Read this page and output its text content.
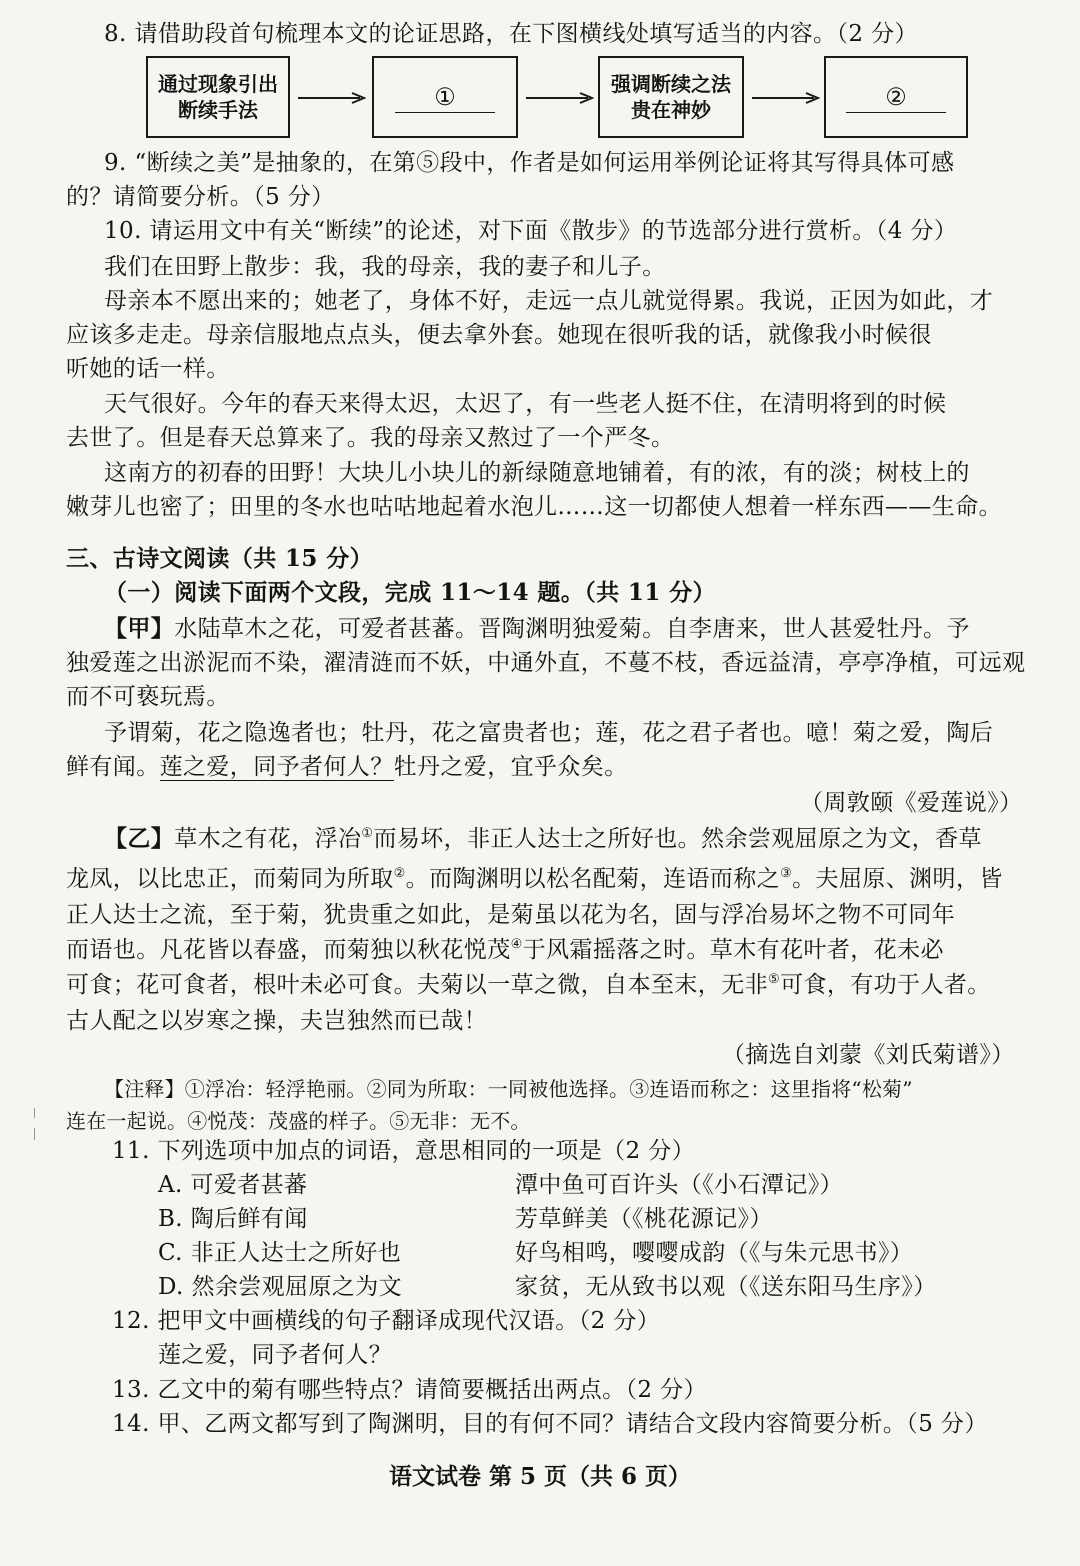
8. 请借助段首句梳理本文的论证思路，在下图横线处填写适当的内容。（2 分）
通过现象引出
断续手法	①	强调断续之法
贵在神妙	②
9. “断续之美”是抽象的，在第⑤段中，作者是如何运用举例论证将其写得具体可感
的？请简要分析。（5 分）
10. 请运用文中有关“断续”的论述，对下面《散步》的节选部分进行赏析。（4 分）
我们在田野上散步：我，我的母亲，我的妻子和儿子。
母亲本不愿出来的；她老了，身体不好，走远一点儿就觉得累。我说，正因为如此，才
应该多走走。母亲信服地点点头，便去拿外套。她现在很听我的话，就像我小时候很
听她的话一样。
天气很好。今年的春天来得太迟，太迟了，有一些老人挺不住，在清明将到的时候
去世了。但是春天总算来了。我的母亲又熬过了一个严冬。
这南方的初春的田野！大块儿小块儿的新绿随意地铺着，有的浓，有的淡；树枝上的
嫩芽儿也密了；田里的冬水也咕咕地起着水泡儿……这一切都使人想着一样东西——生命。
三、古诗文阅读（共 15 分）
（一）阅读下面两个文段，完成 11～14 题。（共 11 分）
【甲】水陆草木之花，可爱者甚蕃。晋陶渊明独爱菊。自李唐来，世人甚爱牡丹。予
独爱莲之出淤泥而不染，濯清涟而不妖，中通外直，不蔓不枝，香远益清，亭亭净植，可远观
而不可亵玩焉。
予谓菊，花之隐逸者也；牡丹，花之富贵者也；莲，花之君子者也。噫！菊之爱，陶后
鲜有闻。莲之爱，同予者何人？牡丹之爱，宜乎众矣。
（周敦颐《爱莲说》）
【乙】草木之有花，浮冶①而易坏，非正人达士之所好也。然余尝观屈原之为文，香草
龙凤，以比忠正，而菊同为所取②。而陶渊明以松名配菊，连语而称之③。夫屈原、渊明，皆
正人达士之流，至于菊，犹贵重之如此，是菊虽以花为名，固与浮冶易坏之物不可同年
而语也。凡花皆以春盛，而菊独以秋花悦茂④于风霜摇落之时。草木有花叶者，花未必
可食；花可食者，根叶未必可食。夫菊以一草之微，自本至末，无非⑤可食，有功于人者。
古人配之以岁寒之操，夫岂独然而已哉！
（摘选自刘蒙《刘氏菊谱》）
【注释】①浮冶：轻浮艳丽。②同为所取：一同被他选择。③连语而称之：这里指将“松菊”
连在一起说。④悦茂：茂盛的样子。⑤无非：无不。
11. 下列选项中加点的词语，意思相同的一项是（2 分）
A. 可爱者甚蕃	潭中鱼可百许头（《小石潭记》）
B. 陶后鲜有闻	芳草鲜美（《桃花源记》）
C. 非正人达士之所好也	好鸟相鸣，嘤嘤成韵（《与朱元思书》）
D. 然余尝观屈原之为文	家贫，无从致书以观（《送东阳马生序》）
12. 把甲文中画横线的句子翻译成现代汉语。（2 分）
莲之爱，同予者何人？
13. 乙文中的菊有哪些特点？请简要概括出两点。（2 分）
14. 甲、乙两文都写到了陶渊明，目的有何不同？请结合文段内容简要分析。（5 分）
语文试卷 第 5 页（共 6 页）
